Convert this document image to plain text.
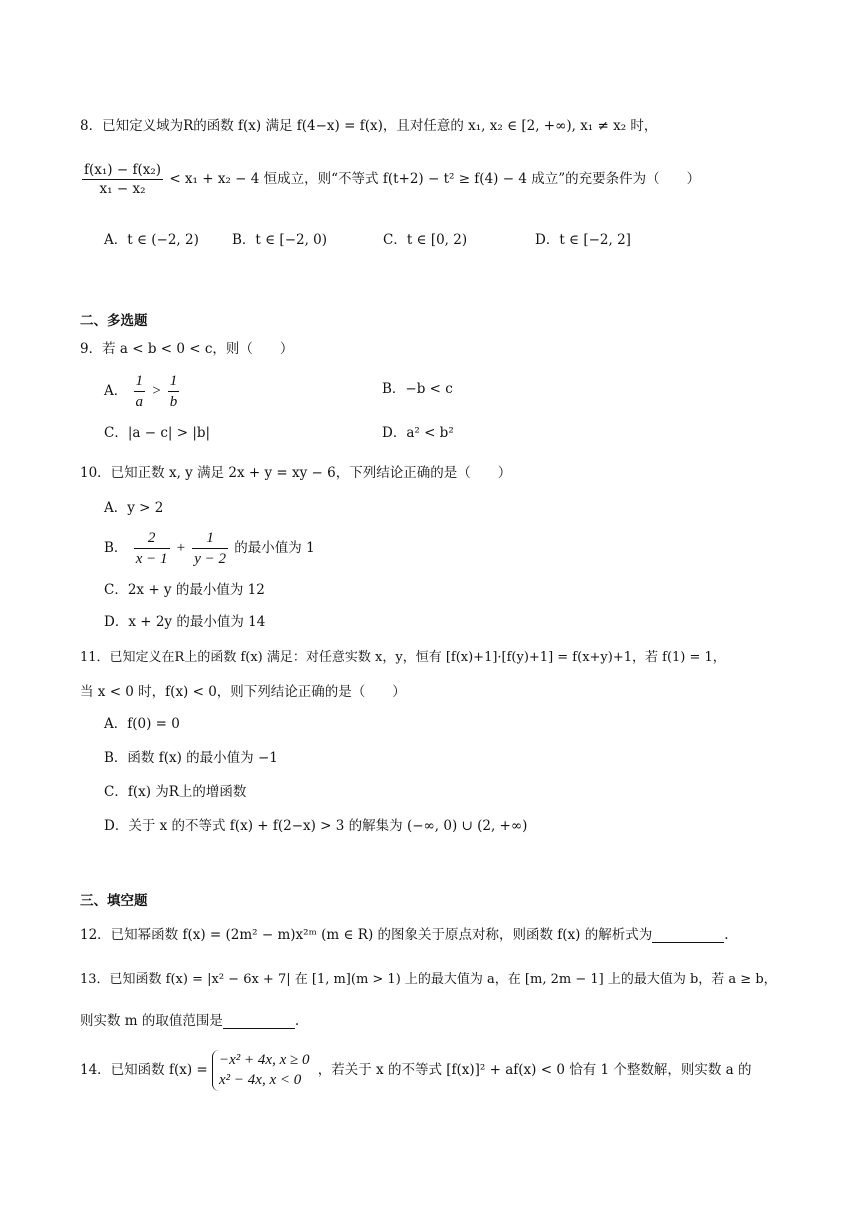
8．已知定义域为R的函数 f(x) 满足 f(4−x) = f(x)，且对任意的 x₁, x₂ ∈ [2, +∞), x₁ ≠ x₂ 时，
$\frac{\text{f(x₁) − f(x₂)}}{\text{x₁ − x₂}} < x_1 + x_2 - 4$ 恒成立，则“不等式 f(t+2) − t² ≥ f(4) − 4 成立”的充要条件为（　　）
A．t ∈ (−2, 2) B．t ∈ [−2, 0)	C．t ∈ [0, 2)	D．t ∈ [−2, 2]
二、多选题
9．若 a < b < 0 < c，则（　　）
A． $\frac{1}{a} > \frac{1}{b}$	B．−b < c
C．|a − c| > |b|	D．a² < b²
10．已知正数 x, y 满足 2x + y = xy − 6，下列结论正确的是（　　）
A．y > 2
B． $\frac{2}{x - 1} + \frac{1}{y - 2}$ 的最小值为 1
C．2x + y 的最小值为 12
D．x + 2y 的最小值为 14
11．已知定义在R上的函数 f(x) 满足：对任意实数 x，y，恒有 [f(x)+1]·[f(y)+1] = f(x+y)+1，若 f(1) = 1，
当 x < 0 时，f(x) < 0，则下列结论正确的是（　　）
A．f(0) = 0
B．函数 f(x) 的最小值为 −1
C．f(x) 为R上的增函数
D．关于 x 的不等式 f(x) + f(2−x) > 3 的解集为 (−∞, 0) ∪ (2, +∞)
三、填空题
12．已知幂函数 f(x) = (2m² − m)x²ᵐ (m ∈ R) 的图象关于原点对称，则函数 f(x) 的解析式为	.
13．已知函数 f(x) = |x² − 6x + 7| 在 [1, m](m > 1) 上的最大值为 a，在 [m, 2m − 1] 上的最大值为 b，若 a ≥ b，
则实数 m 的取值范围是	.
14．已知函数 f(x) =
−x² + 4x, x ≥ 0
x² − 4x, x < 0
，若关于 x 的不等式 [f(x)]² + af(x) < 0 恰有 1 个整数解，则实数 a 的
